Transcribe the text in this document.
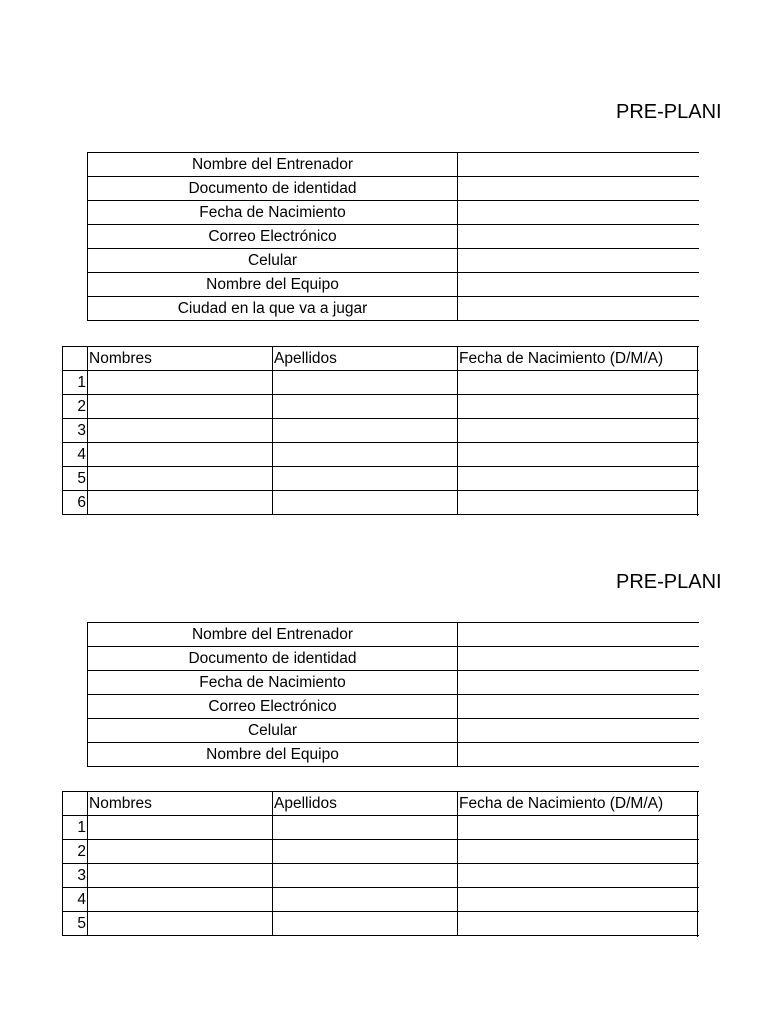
PRE-PLANI
Nombre del Entrenador	
Documento de identidad	
Fecha de Nacimiento	
Correo Electrónico	
Celular	
Nombre del Equipo	
Ciudad en la que va a jugar	
	Nombres	Apellidos	Fecha de Nacimiento (D/M/A)
1			
2			
3			
4			
5			
6			
PRE-PLANI
Nombre del Entrenador	
Documento de identidad	
Fecha de Nacimiento	
Correo Electrónico	
Celular	
Nombre del Equipo	
	Nombres	Apellidos	Fecha de Nacimiento (D/M/A)
1			
2			
3			
4			
5			
